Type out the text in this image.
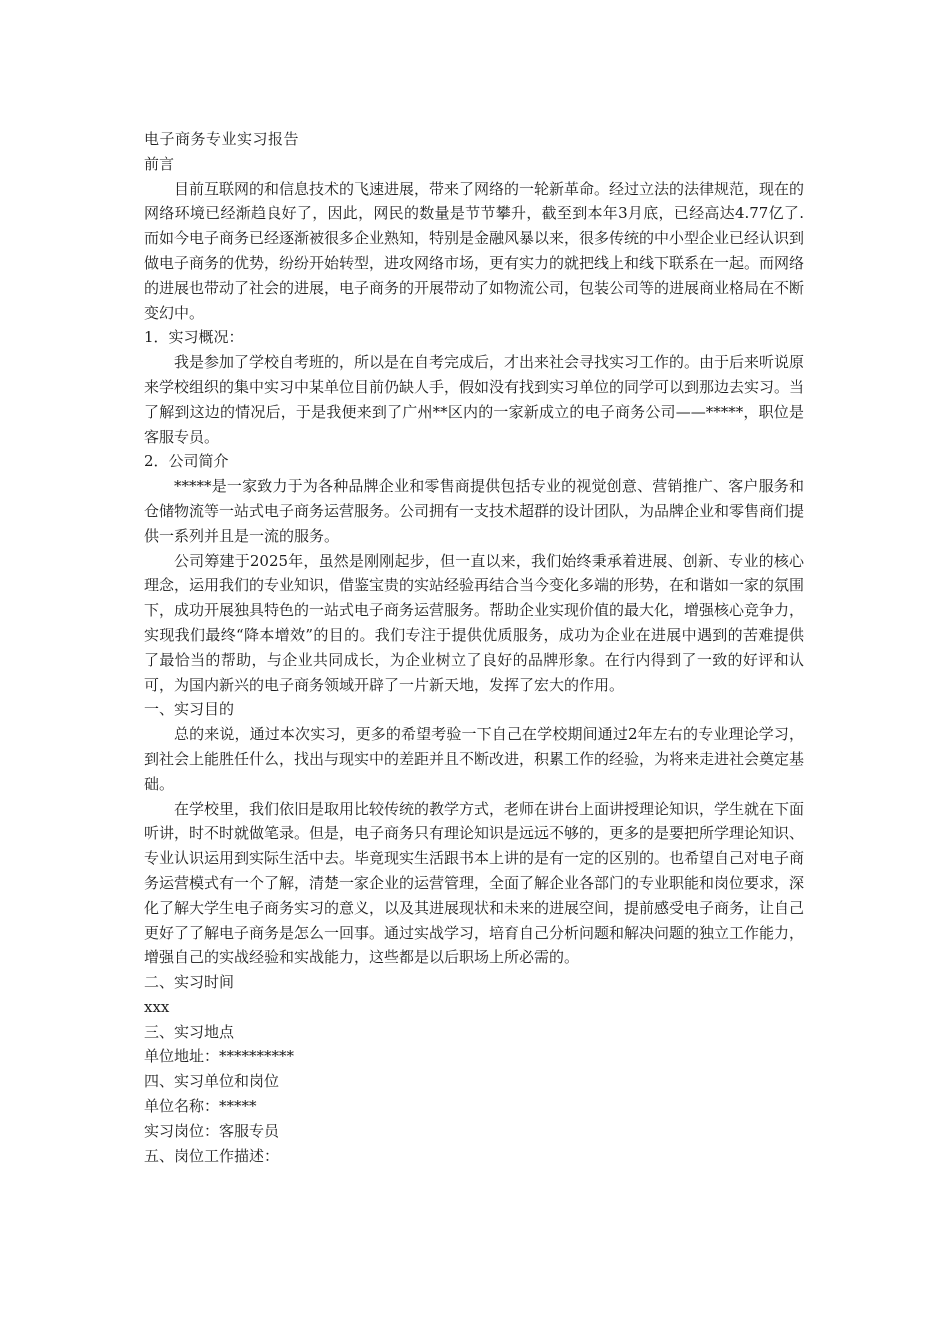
电子商务专业实习报告
前言
目前互联网的和信息技术的飞速进展，带来了网络的一轮新革命。经过立法的法律规范，现在的网络环境已经渐趋良好了，因此，网民的数量是节节攀升，截至到本年3月底，已经高达4.77亿了.而如今电子商务已经逐渐被很多企业熟知，特别是金融风暴以来，很多传统的中小型企业已经认识到做电子商务的优势，纷纷开始转型，进攻网络市场，更有实力的就把线上和线下联系在一起。而网络的进展也带动了社会的进展，电子商务的开展带动了如物流公司，包装公司等的进展商业格局在不断变幻中。
1．实习概况：
我是参加了学校自考班的，所以是在自考完成后，才出来社会寻找实习工作的。由于后来听说原来学校组织的集中实习中某单位目前仍缺人手，假如没有找到实习单位的同学可以到那边去实习。当了解到这边的情况后，于是我便来到了广州**区内的一家新成立的电子商务公司——*****，职位是客服专员。
2．公司简介
*****是一家致力于为各种品牌企业和零售商提供包括专业的视觉创意、营销推广、客户服务和仓储物流等一站式电子商务运营服务。公司拥有一支技术超群的设计团队，为品牌企业和零售商们提供一系列并且是一流的服务。
公司筹建于2025年，虽然是刚刚起步，但一直以来，我们始终秉承着进展、创新、专业的核心理念，运用我们的专业知识，借鉴宝贵的实站经验再结合当今变化多端的形势，在和谐如一家的氛围下，成功开展独具特色的一站式电子商务运营服务。帮助企业实现价值的最大化，增强核心竞争力，实现我们最终“降本增效”的目的。我们专注于提供优质服务，成功为企业在进展中遇到的苦难提供了最恰当的帮助，与企业共同成长，为企业树立了良好的品牌形象。在行内得到了一致的好评和认可，为国内新兴的电子商务领域开辟了一片新天地，发挥了宏大的作用。
一、实习目的
总的来说，通过本次实习，更多的希望考验一下自己在学校期间通过2年左右的专业理论学习，到社会上能胜任什么，找出与现实中的差距并且不断改进，积累工作的经验，为将来走进社会奠定基础。
在学校里，我们依旧是取用比较传统的教学方式，老师在讲台上面讲授理论知识，学生就在下面听讲，时不时就做笔录。但是，电子商务只有理论知识是远远不够的，更多的是要把所学理论知识、专业认识运用到实际生活中去。毕竟现实生活跟书本上讲的是有一定的区别的。也希望自己对电子商务运营模式有一个了解，清楚一家企业的运营管理，全面了解企业各部门的专业职能和岗位要求，深化了解大学生电子商务实习的意义，以及其进展现状和未来的进展空间，提前感受电子商务，让自己更好了了解电子商务是怎么一回事。通过实战学习，培育自己分析问题和解决问题的独立工作能力，增强自己的实战经验和实战能力，这些都是以后职场上所必需的。
二、实习时间
xxx
三、实习地点
单位地址：**********
四、实习单位和岗位
单位名称：*****
实习岗位：客服专员
五、岗位工作描述：
